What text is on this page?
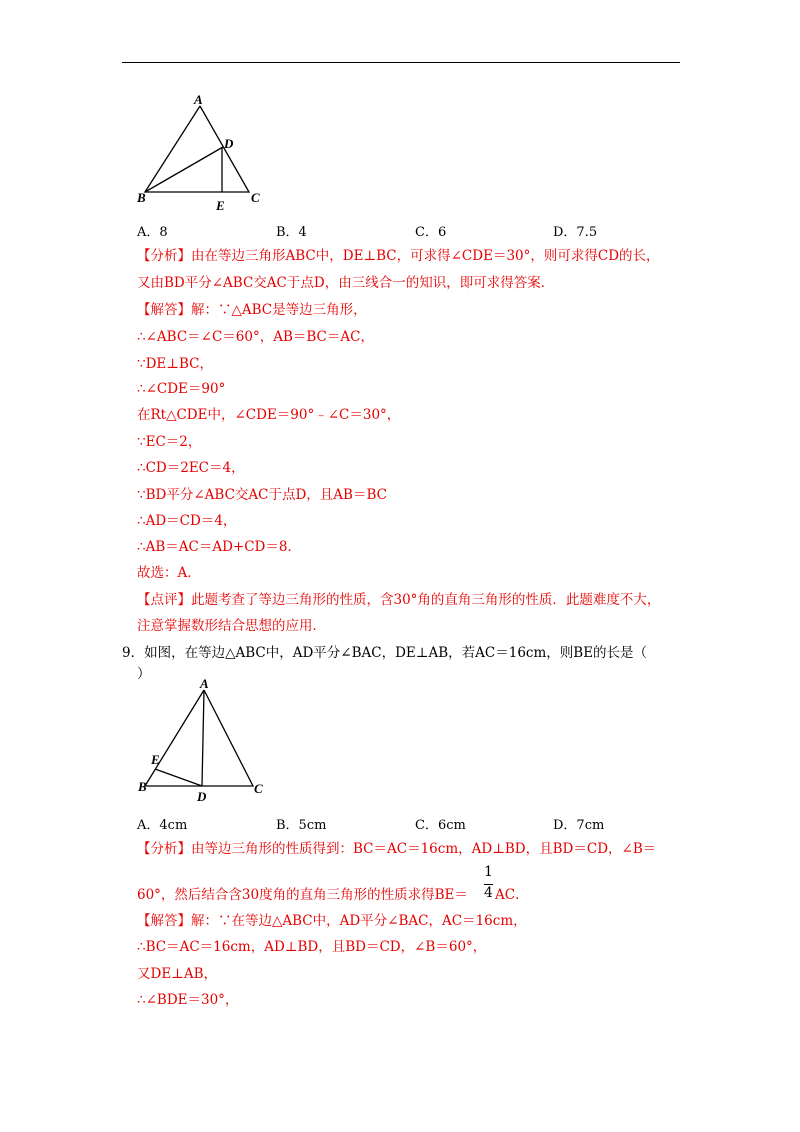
A
D
B	C
E
A．8	B．4	C．6	D．7.5
【分析】由在等边三角形ABC中，DE⊥BC，可求得∠CDE＝30°，则可求得CD的长，
又由BD平分∠ABC交AC于点D，由三线合一的知识，即可求得答案．
【解答】解：∵△ABC是等边三角形，
∴∠ABC＝∠C＝60°，AB＝BC＝AC，
∵DE⊥BC，
∴∠CDE＝90°
在Rt△CDE中，∠CDE＝90°﹣∠C＝30°，
∵EC＝2，
∴CD＝2EC＝4，
∵BD平分∠ABC交AC于点D，且AB＝BC
∴AD＝CD＝4，
∴AB＝AC＝AD+CD＝8．
故选：A．
【点评】此题考查了等边三角形的性质，含30°角的直角三角形的性质．此题难度不大，
注意掌握数形结合思想的应用．
9．如图，在等边△ABC中，AD平分∠BAC，DE⊥AB，若AC＝16cm，则BE的长是（
）
A
E
B	C
D
A．4cm	B．5cm	C．6cm	D．7cm
【分析】由等边三角形的性质得到：BC＝AC＝16cm，AD⊥BD，且BD＝CD，∠B＝
1
4
60°，然后结合含30度角的直角三角形的性质求得BE＝ AC．
【解答】解：∵在等边△ABC中，AD平分∠BAC，AC＝16cm，
∴BC＝AC＝16cm，AD⊥BD，且BD＝CD，∠B＝60°，
又DE⊥AB，
∴∠BDE＝30°，
